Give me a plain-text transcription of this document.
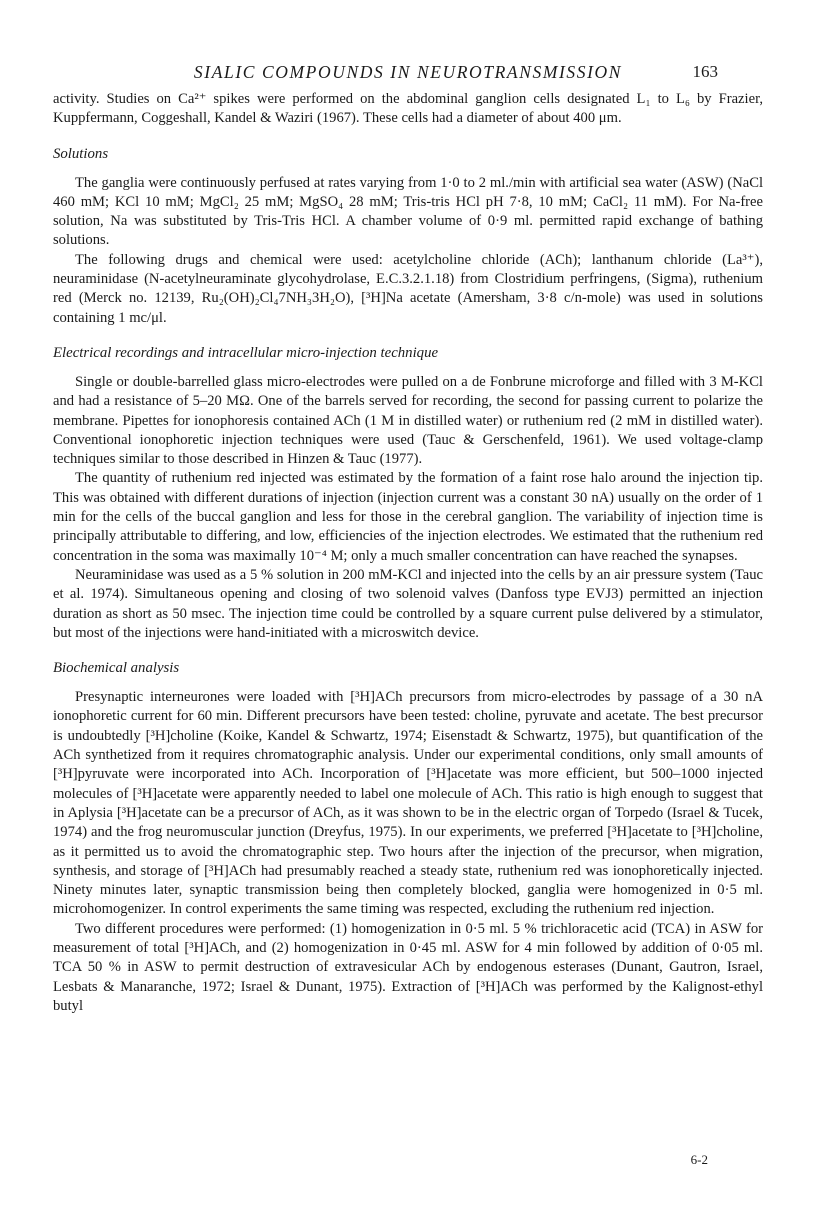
SIALIC COMPOUNDS IN NEUROTRANSMISSION	163

activity. Studies on Ca²⁺ spikes were performed on the abdominal ganglion cells designated L₁ to L₆ by Frazier, Kuppfermann, Coggeshall, Kandel & Waziri (1967). These cells had a diameter of about 400 μm.

Solutions

The ganglia were continuously perfused at rates varying from 1·0 to 2 ml./min with artificial sea water (ASW) (NaCl 460 mM; KCl 10 mM; MgCl₂ 25 mM; MgSO₄ 28 mM; Tris-tris HCl pH 7·8, 10 mM; CaCl₂ 11 mM). For Na-free solution, Na was substituted by Tris-Tris HCl. A chamber volume of 0·9 ml. permitted rapid exchange of bathing solutions.

The following drugs and chemical were used: acetylcholine chloride (ACh); lanthanum chloride (La³⁺), neuraminidase (N-acetylneuraminate glycohydrolase, E.C.3.2.1.18) from Clostridium perfringens, (Sigma), ruthenium red (Merck no. 12139, Ru₂(OH)₂Cl₄7NH₃3H₂O), [³H]Na acetate (Amersham, 3·8 c/n-mole) was used in solutions containing 1 mc/μl.

Electrical recordings and intracellular micro-injection technique

Single or double-barrelled glass micro-electrodes were pulled on a de Fonbrune microforge and filled with 3 M-KCl and had a resistance of 5–20 MΩ. One of the barrels served for recording, the second for passing current to polarize the membrane. Pipettes for ionophoresis contained ACh (1 M in distilled water) or ruthenium red (2 mM in distilled water). Conventional ionophoretic injection techniques were used (Tauc & Gerschenfeld, 1961). We used voltage-clamp techniques similar to those described in Hinzen & Tauc (1977).

The quantity of ruthenium red injected was estimated by the formation of a faint rose halo around the injection tip. This was obtained with different durations of injection (injection current was a constant 30 nA) usually on the order of 1 min for the cells of the buccal ganglion and less for those in the cerebral ganglion. The variability of injection time is principally attributable to differing, and low, efficiencies of the injection electrodes. We estimated that the ruthenium red concentration in the soma was maximally 10⁻⁴ M; only a much smaller concentration can have reached the synapses.

Neuraminidase was used as a 5 % solution in 200 mM-KCl and injected into the cells by an air pressure system (Tauc et al. 1974). Simultaneous opening and closing of two solenoid valves (Danfoss type EVJ3) permitted an injection duration as short as 50 msec. The injection time could be controlled by a square current pulse delivered by a stimulator, but most of the injections were hand-initiated with a microswitch device.

Biochemical analysis

Presynaptic interneurones were loaded with [³H]ACh precursors from micro-electrodes by passage of a 30 nA ionophoretic current for 60 min. Different precursors have been tested: choline, pyruvate and acetate. The best precursor is undoubtedly [³H]choline (Koike, Kandel & Schwartz, 1974; Eisenstadt & Schwartz, 1975), but quantification of the ACh synthetized from it requires chromatographic analysis. Under our experimental conditions, only small amounts of [³H]pyruvate were incorporated into ACh. Incorporation of [³H]acetate was more efficient, but 500–1000 injected molecules of [³H]acetate were apparently needed to label one molecule of ACh. This ratio is high enough to suggest that in Aplysia [³H]acetate can be a precursor of ACh, as it was shown to be in the electric organ of Torpedo (Israel & Tucek, 1974) and the frog neuromuscular junction (Dreyfus, 1975). In our experiments, we preferred [³H]acetate to [³H]choline, as it permitted us to avoid the chromatographic step. Two hours after the injection of the precursor, when migration, synthesis, and storage of [³H]ACh had presumably reached a steady state, ruthenium red was ionophoretically injected. Ninety minutes later, synaptic transmission being then completely blocked, ganglia were homogenized in 0·5 ml. microhomogenizer. In control experiments the same timing was respected, excluding the ruthenium red injection.

Two different procedures were performed: (1) homogenization in 0·5 ml. 5 % trichloracetic acid (TCA) in ASW for measurement of total [³H]ACh, and (2) homogenization in 0·45 ml. ASW for 4 min followed by addition of 0·05 ml. TCA 50 % in ASW to permit destruction of extravesicular ACh by endogenous esterases (Dunant, Gautron, Israel, Lesbats & Manaranche, 1972; Israel & Dunant, 1975). Extraction of [³H]ACh was performed by the Kalignost-ethyl butyl

6-2
